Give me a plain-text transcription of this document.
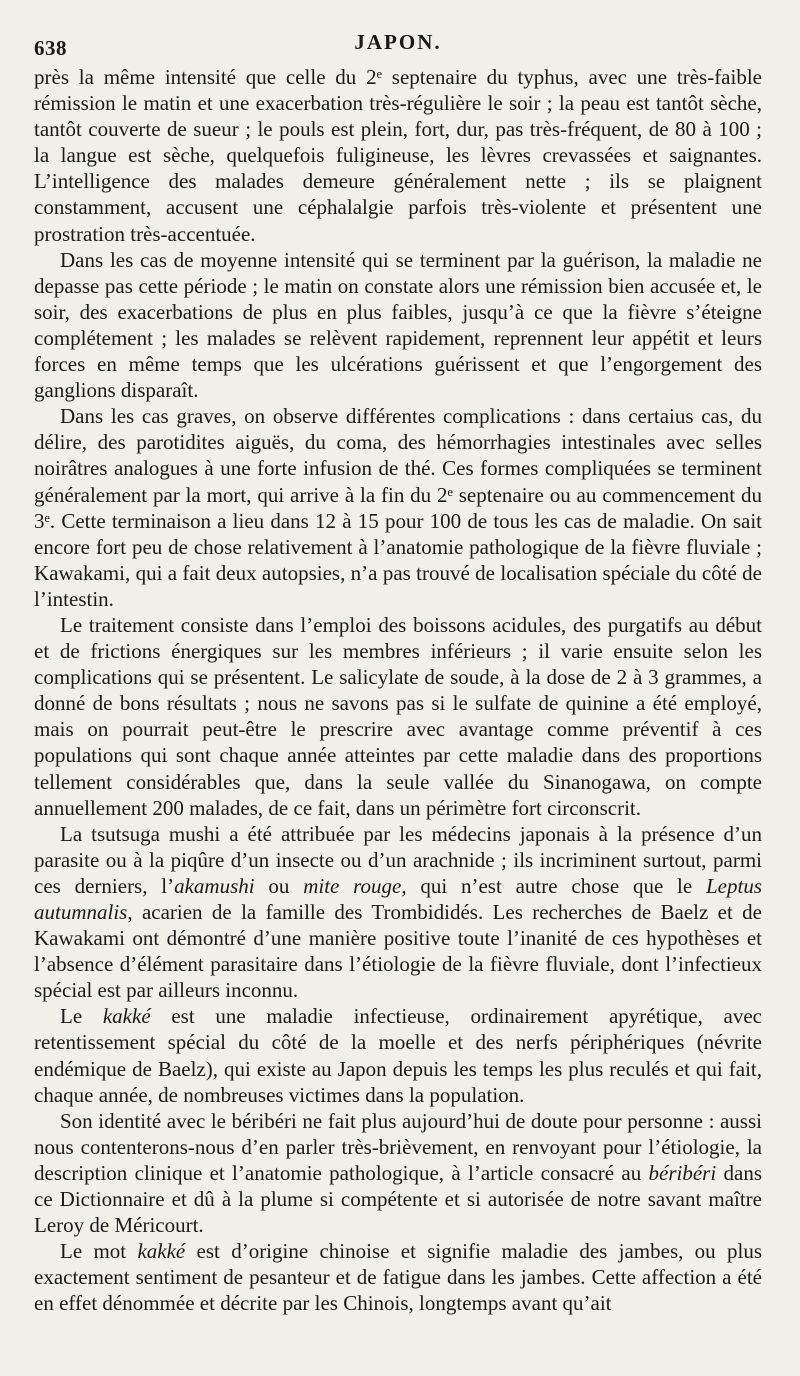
638	JAPON.

près la même intensité que celle du 2ᵉ septenaire du typhus, avec une très-faible rémission le matin et une exacerbation très-régulière le soir ; la peau est tantôt sèche, tantôt couverte de sueur ; le pouls est plein, fort, dur, pas très-fréquent, de 80 à 100 ; la langue est sèche, quelquefois fuligineuse, les lèvres crevassées et saignantes. L’intelligence des malades demeure généralement nette ; ils se plaignent constamment, accusent une céphalalgie parfois très-violente et présentent une prostration très-accentuée.

Dans les cas de moyenne intensité qui se terminent par la guérison, la maladie ne depasse pas cette période ; le matin on constate alors une rémission bien accusée et, le soir, des exacerbations de plus en plus faibles, jusqu’à ce que la fièvre s’éteigne complétement ; les malades se relèvent rapidement, reprennent leur appétit et leurs forces en même temps que les ulcérations guérissent et que l’engorgement des ganglions disparaît.

Dans les cas graves, on observe différentes complications : dans certaius cas, du délire, des parotidites aiguës, du coma, des hémorrhagies intestinales avec selles noirâtres analogues à une forte infusion de thé. Ces formes compliquées se terminent généralement par la mort, qui arrive à la fin du 2ᵉ septenaire ou au commencement du 3ᵉ. Cette terminaison a lieu dans 12 à 15 pour 100 de tous les cas de maladie. On sait encore fort peu de chose relativement à l’anatomie pathologique de la fièvre fluviale ; Kawakami, qui a fait deux autopsies, n’a pas trouvé de localisation spéciale du côté de l’intestin.

Le traitement consiste dans l’emploi des boissons acidules, des purgatifs au début et de frictions énergiques sur les membres inférieurs ; il varie ensuite selon les complications qui se présentent. Le salicylate de soude, à la dose de 2 à 3 grammes, a donné de bons résultats ; nous ne savons pas si le sulfate de quinine a été employé, mais on pourrait peut-être le prescrire avec avantage comme préventif à ces populations qui sont chaque année atteintes par cette maladie dans des proportions tellement considérables que, dans la seule vallée du Sinanogawa, on compte annuellement 200 malades, de ce fait, dans un périmètre fort circonscrit.

La tsutsuga mushi a été attribuée par les médecins japonais à la présence d’un parasite ou à la piqûre d’un insecte ou d’un arachnide ; ils incriminent surtout, parmi ces derniers, l’akamushi ou mite rouge, qui n’est autre chose que le Leptus autumnalis, acarien de la famille des Trombididés. Les recherches de Baelz et de Kawakami ont démontré d’une manière positive toute l’inanité de ces hypothèses et l’absence d’élément parasitaire dans l’étiologie de la fièvre fluviale, dont l’infectieux spécial est par ailleurs inconnu.

Le kakké est une maladie infectieuse, ordinairement apyrétique, avec retentissement spécial du côté de la moelle et des nerfs périphériques (névrite endémique de Baelz), qui existe au Japon depuis les temps les plus reculés et qui fait, chaque année, de nombreuses victimes dans la population.

Son identité avec le béribéri ne fait plus aujourd’hui de doute pour personne : aussi nous contenterons-nous d’en parler très-brièvement, en renvoyant pour l’étiologie, la description clinique et l’anatomie pathologique, à l’article consacré au béribéri dans ce Dictionnaire et dû à la plume si compétente et si autorisée de notre savant maître Leroy de Méricourt.

Le mot kakké est d’origine chinoise et signifie maladie des jambes, ou plus exactement sentiment de pesanteur et de fatigue dans les jambes. Cette affection a été en effet dénommée et décrite par les Chinois, longtemps avant qu’ait
